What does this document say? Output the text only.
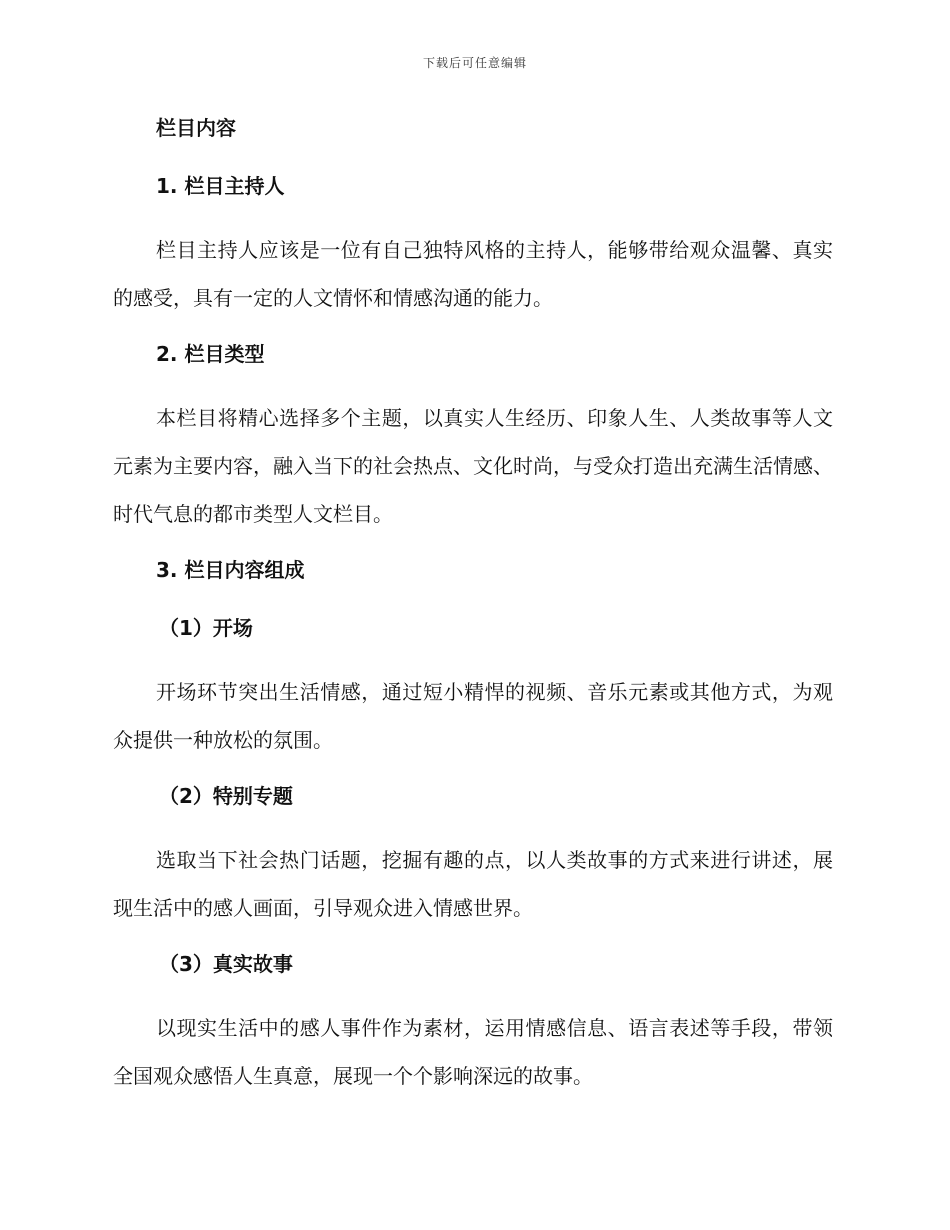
下载后可任意编辑
栏目内容
1. 栏目主持人
栏目主持人应该是一位有自己独特风格的主持人，能够带给观众温馨、真实的感受，具有一定的人文情怀和情感沟通的能力。
2. 栏目类型
本栏目将精心选择多个主题，以真实人生经历、印象人生、人类故事等人文元素为主要内容，融入当下的社会热点、文化时尚，与受众打造出充满生活情感、时代气息的都市类型人文栏目。
3. 栏目内容组成
（1）开场
开场环节突出生活情感，通过短小精悍的视频、音乐元素或其他方式，为观众提供一种放松的氛围。
（2）特别专题
选取当下社会热门话题，挖掘有趣的点，以人类故事的方式来进行讲述，展现生活中的感人画面，引导观众进入情感世界。
（3）真实故事
以现实生活中的感人事件作为素材，运用情感信息、语言表述等手段，带领全国观众感悟人生真意，展现一个个影响深远的故事。
